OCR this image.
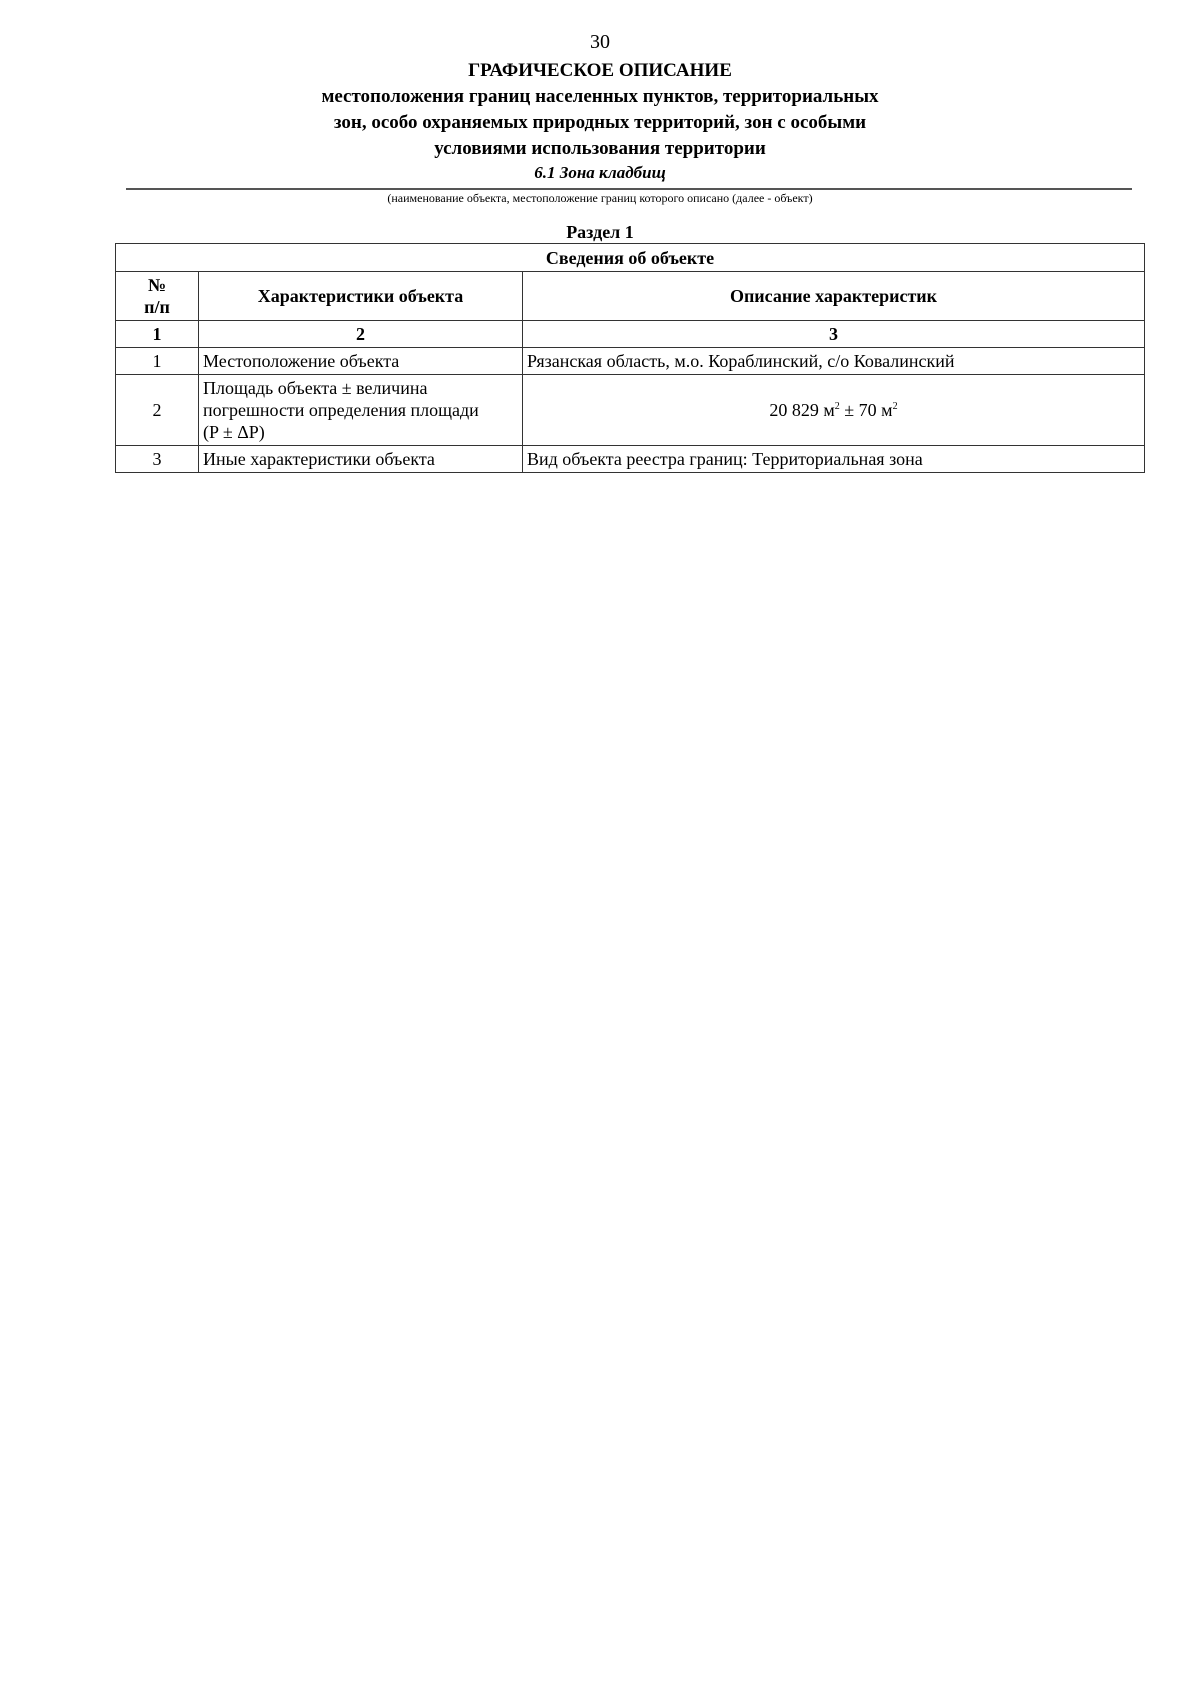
30
ГРАФИЧЕСКОЕ ОПИСАНИЕ
местоположения границ населенных пунктов, территориальных
зон, особо охраняемых природных территорий, зон с особыми
условиями использования территории
6.1 Зона кладбищ
(наименование объекта, местоположение границ которого описано (далее - объект)
Раздел 1
Сведения об объекте		

№
п/п	Характеристики объекта	Описание характеристик
1	2	3
1	Местоположение объекта	Рязанская область, м.о. Кораблинский, с/о Ковалинский
2	Площадь объекта ± величина
погрешности определения площади
(P ± ΔP)	20 829 $м^2 \pm 70$ $м^2$
3	Иные характеристики объекта	Вид объекта реестра границ: Территориальная зона
